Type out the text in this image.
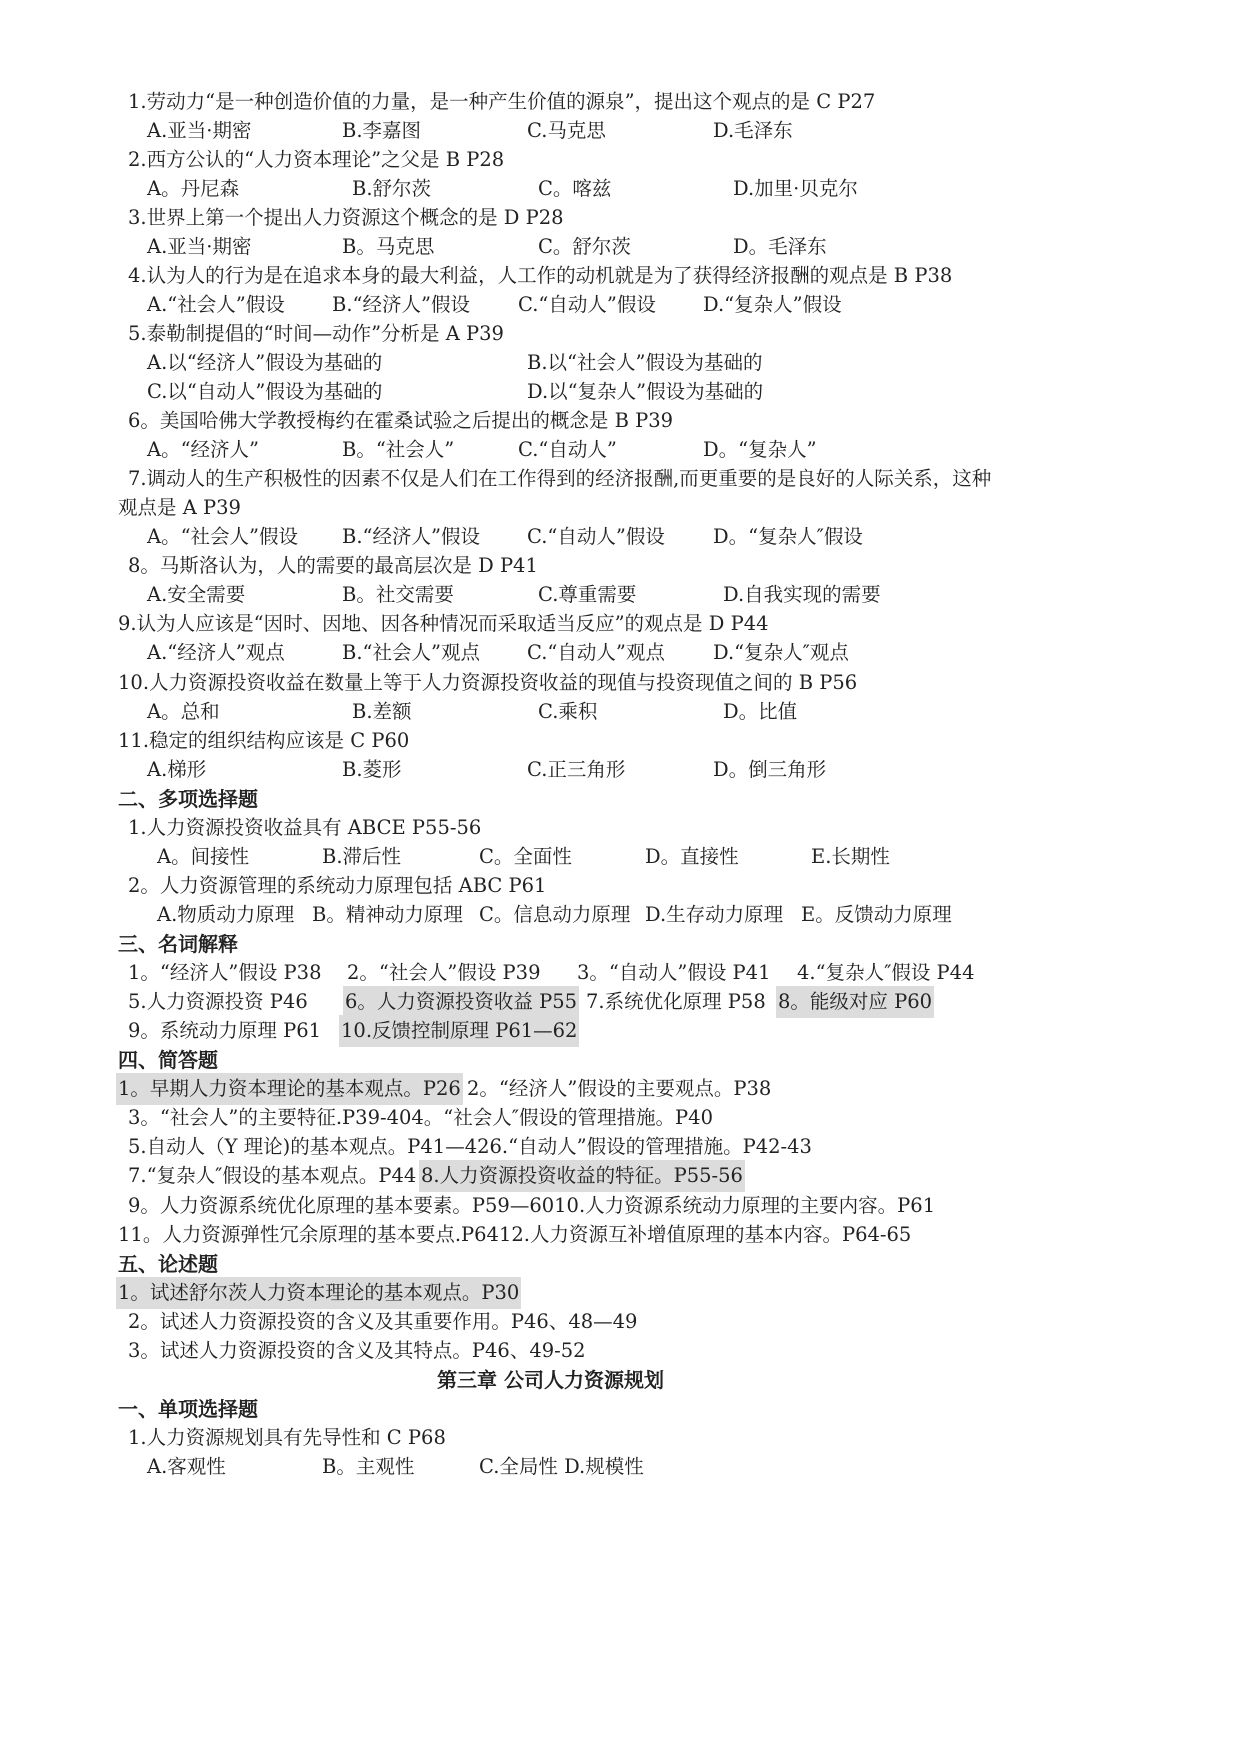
1.劳动力“是一种创造价值的力量，是一种产生价值的源泉”，提出这个观点的是 C P27
A.亚当·期密	B.李嘉图	C.马克思	D.毛泽东
2.西方公认的“人力资本理论”之父是 B P28
A。丹尼森	B.舒尔茨	C。喀兹	D.加里·贝克尔
3.世界上第一个提出人力资源这个概念的是 D P28
A.亚当·期密	B。马克思	C。舒尔茨	D。毛泽东
4.认为人的行为是在追求本身的最大利益，人工作的动机就是为了获得经济报酬的观点是 B P38
A.“社会人”假设 B.“经济人”假设 C.“自动人”假设 D.“复杂人”假设
5.泰勒制提倡的“时间—动作”分析是 A P39
A.以“经济人”假设为基础的	B.以“社会人”假设为基础的
C.以“自动人”假设为基础的	D.以“复杂人”假设为基础的
6。美国哈佛大学教授梅约在霍桑试验之后提出的概念是 B P39
A。“经济人”	B。“社会人”	C.“自动人”	D。“复杂人”
7.调动人的生产积极性的因素不仅是人们在工作得到的经济报酬,而更重要的是良好的人际关系，这种
观点是 A P39
A。“社会人”假设 B.“经济人”假设 C.“自动人”假设 D。“复杂人″假设
8。马斯洛认为，人的需要的最高层次是 D P41
A.安全需要	B。社交需要	C.尊重需要	D.自我实现的需要
9.认为人应该是“因时、因地、因各种情况而采取适当反应”的观点是 D P44
A.“经济人”观点	B.“社会人”观点 C.“自动人”观点 D.“复杂人″观点
10.人力资源投资收益在数量上等于人力资源投资收益的现值与投资现值之间的 B P56
A。总和	B.差额	C.乘积	D。比值
11.稳定的组织结构应该是 C P60
A.梯形	B.菱形	C.正三角形	D。倒三角形
二、多项选择题
1.人力资源投资收益具有 ABCE P55-56
A。间接性	B.滞后性	C。全面性	D。直接性	E.长期性
2。人力资源管理的系统动力原理包括 ABC P61
A.物质动力原理 B。精神动力原理 C。信息动力原理 D.生存动力原理 E。反馈动力原理
三、名词解释
1。“经济人”假设 P38 2。“社会人”假设 P39 3。“自动人”假设 P41 4.“复杂人″假设 P44
5.人力资源投资 P46 6。人力资源投资收益 P55 7.系统优化原理 P58 8。能级对应 P60
9。系统动力原理 P61 10.反馈控制原理 P61—62
四、简答题
1。早期人力资本理论的基本观点。P26 2。“经济人”假设的主要观点。P38
3。“社会人”的主要特征.P39-404。“社会人″假设的管理措施。P40
5.自动人（Y 理论)的基本观点。P41—426.“自动人”假设的管理措施。P42-43
7.“复杂人″假设的基本观点。P44 8.人力资源投资收益的特征。P55-56
9。人力资源系统优化原理的基本要素。P59—6010.人力资源系统动力原理的主要内容。P61
11。人力资源弹性冗余原理的基本要点.P6412.人力资源互补增值原理的基本内容。P64-65
五、论述题
1。试述舒尔茨人力资本理论的基本观点。P30
2。试述人力资源投资的含义及其重要作用。P46、48—49
3。试述人力资源投资的含义及其特点。P46、49-52
第三章 公司人力资源规划
一、单项选择题
1.人力资源规划具有先导性和 C P68
A.客观性	B。主观性	C.全局性 D.规模性
